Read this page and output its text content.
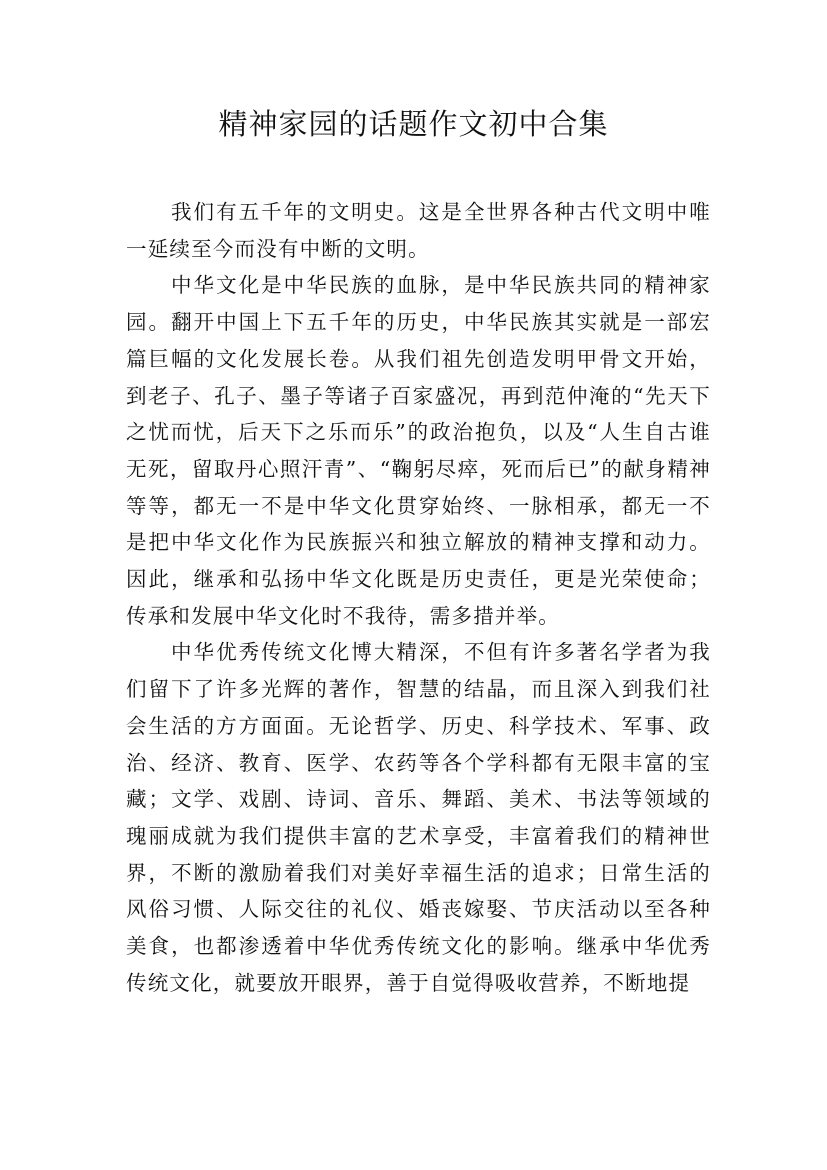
精神家园的话题作文初中合集

我们有五千年的文明史。这是全世界各种古代文明中唯一延续至今而没有中断的文明。

中华文化是中华民族的血脉，是中华民族共同的精神家园。翻开中国上下五千年的历史，中华民族其实就是一部宏篇巨幅的文化发展长卷。从我们祖先创造发明甲骨文开始，到老子、孔子、墨子等诸子百家盛况，再到范仲淹的“先天下之忧而忧，后天下之乐而乐”的政治抱负，以及“人生自古谁无死，留取丹心照汗青”、“鞠躬尽瘁，死而后已”的献身精神等等，都无一不是中华文化贯穿始终、一脉相承，都无一不是把中华文化作为民族振兴和独立解放的精神支撑和动力。因此，继承和弘扬中华文化既是历史责任，更是光荣使命；传承和发展中华文化时不我待，需多措并举。

中华优秀传统文化博大精深，不但有许多著名学者为我们留下了许多光辉的著作，智慧的结晶，而且深入到我们社会生活的方方面面。无论哲学、历史、科学技术、军事、政治、经济、教育、医学、农药等各个学科都有无限丰富的宝藏；文学、戏剧、诗词、音乐、舞蹈、美术、书法等领域的瑰丽成就为我们提供丰富的艺术享受，丰富着我们的精神世界，不断的激励着我们对美好幸福生活的追求；日常生活的风俗习惯、人际交往的礼仪、婚丧嫁娶、节庆活动以至各种美食，也都渗透着中华优秀传统文化的影响。继承中华优秀传统文化，就要放开眼界，善于自觉得吸收营养，不断地提
